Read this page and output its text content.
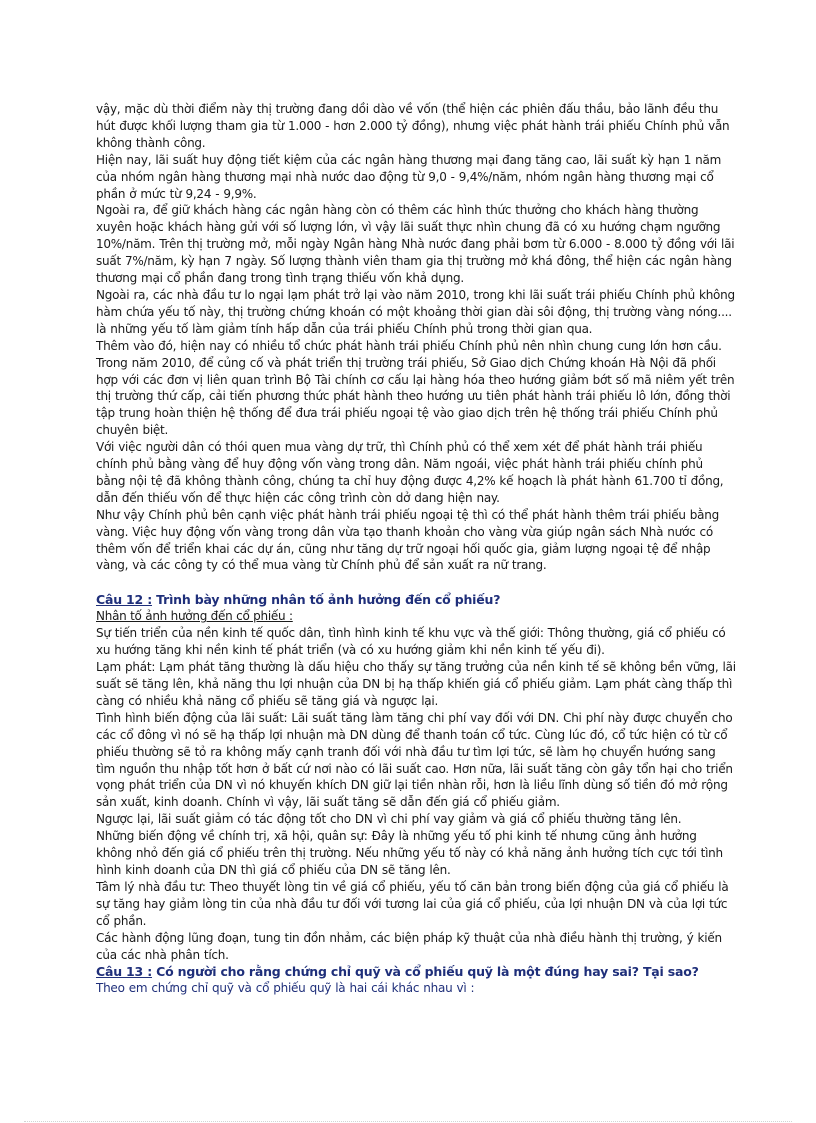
vậy, mặc dù thời điểm này thị trường đang dồi dào về vốn (thể hiện các phiên đấu thầu, bảo lãnh đều thu hút được khối lượng tham gia từ 1.000 - hơn 2.000 tỷ đồng), nhưng việc phát hành trái phiếu Chính phủ vẫn không thành công.

Hiện nay, lãi suất huy động tiết kiệm của các ngân hàng thương mại đang tăng cao, lãi suất kỳ hạn 1 năm của nhóm ngân hàng thương mại nhà nước dao động từ 9,0 - 9,4%/năm, nhóm ngân hàng thương mại cổ phần ở mức từ 9,24 - 9,9%.

Ngoài ra, để giữ khách hàng các ngân hàng còn có thêm các hình thức thưởng cho khách hàng thường xuyên hoặc khách hàng gửi với số lượng lớn, vì vậy lãi suất thực nhìn chung đã có xu hướng chạm ngưỡng 10%/năm. Trên thị trường mở, mỗi ngày Ngân hàng Nhà nước đang phải bơm từ 6.000 - 8.000 tỷ đồng với lãi suất 7%/năm, kỳ hạn 7 ngày. Số lượng thành viên tham gia thị trường mở khá đông, thể hiện các ngân hàng thương mại cổ phần đang trong tình trạng thiếu vốn khả dụng.

Ngoài ra, các nhà đầu tư lo ngại lạm phát trở lại vào năm 2010, trong khi lãi suất trái phiếu Chính phủ không hàm chứa yếu tố này, thị trường chứng khoán có một khoảng thời gian dài sôi động, thị trường vàng nóng.... là những yếu tố làm giảm tính hấp dẫn của trái phiếu Chính phủ trong thời gian qua.

Thêm vào đó, hiện nay có nhiều tổ chức phát hành trái phiếu Chính phủ nên nhìn chung cung lớn hơn cầu. Trong năm 2010, để củng cố và phát triển thị trường trái phiếu, Sở Giao dịch Chứng khoán Hà Nội đã phối hợp với các đơn vị liên quan trình Bộ Tài chính cơ cấu lại hàng hóa theo hướng giảm bớt số mã niêm yết trên thị trường thứ cấp, cải tiến phương thức phát hành theo hướng ưu tiên phát hành trái phiếu lô lớn, đồng thời tập trung hoàn thiện hệ thống để đưa trái phiếu ngoại tệ vào giao dịch trên hệ thống trái phiếu Chính phủ chuyên biệt.

Với việc người dân có thói quen mua vàng dự trữ, thì Chính phủ có thể xem xét để phát hành trái phiếu chính phủ bằng vàng để huy động vốn vàng trong dân. Năm ngoái, việc phát hành trái phiếu chính phủ bằng nội tệ đã không thành công, chúng ta chỉ huy động được 4,2% kế hoạch là phát hành 61.700 tỉ đồng, dẫn đến thiếu vốn để thực hiện các công trình còn dở dang hiện nay.

Như vậy Chính phủ bên cạnh việc phát hành trái phiếu ngoại tệ thì có thể phát hành thêm trái phiếu bằng vàng. Việc huy động vốn vàng trong dân vừa tạo thanh khoản cho vàng vừa giúp ngân sách Nhà nước có thêm vốn để triển khai các dự án, cũng như tăng dự trữ ngoại hối quốc gia, giảm lượng ngoại tệ để nhập vàng, và các công ty có thể mua vàng từ Chính phủ để sản xuất ra nữ trang.

Câu 12 : Trình bày những nhân tố ảnh hưởng đến cổ phiếu?

Nhân tố ảnh hưởng đến cổ phiếu :

Sự tiến triển của nền kinh tế quốc dân, tình hình kinh tế khu vực và thế giới: Thông thường, giá cổ phiếu có xu hướng tăng khi nền kinh tế phát triển (và có xu hướng giảm khi nền kinh tế yếu đi).

Lạm phát: Lạm phát tăng thường là dấu hiệu cho thấy sự tăng trưởng của nền kinh tế sẽ không bền vững, lãi suất sẽ tăng lên, khả năng thu lợi nhuận của DN bị hạ thấp khiến giá cổ phiếu giảm. Lạm phát càng thấp thì càng có nhiều khả năng cổ phiếu sẽ tăng giá và ngược lại.

Tình hình biến động của lãi suất: Lãi suất tăng làm tăng chi phí vay đối với DN. Chi phí này được chuyển cho các cổ đông vì nó sẽ hạ thấp lợi nhuận mà DN dùng để thanh toán cổ tức. Cùng lúc đó, cổ tức hiện có từ cổ phiếu thường sẽ tỏ ra không mấy cạnh tranh đối với nhà đầu tư tìm lợi tức, sẽ làm họ chuyển hướng sang tìm nguồn thu nhập tốt hơn ở bất cứ nơi nào có lãi suất cao. Hơn nữa, lãi suất tăng còn gây tổn hại cho triển vọng phát triển của DN vì nó khuyến khích DN giữ lại tiền nhàn rỗi, hơn là liều lĩnh dùng số tiền đó mở rộng sản xuất, kinh doanh. Chính vì vậy, lãi suất tăng sẽ dẫn đến giá cổ phiếu giảm.

Ngược lại, lãi suất giảm có tác động tốt cho DN vì chi phí vay giảm và giá cổ phiếu thường tăng lên.

Những biến động về chính trị, xã hội, quân sự: Đây là những yếu tố phi kinh tế nhưng cũng ảnh hưởng không nhỏ đến giá cổ phiếu trên thị trường. Nếu những yếu tố này có khả năng ảnh hưởng tích cực tới tình hình kinh doanh của DN thì giá cổ phiếu của DN sẽ tăng lên.

Tâm lý nhà đầu tư: Theo thuyết lòng tin về giá cổ phiếu, yếu tố căn bản trong biến động của giá cổ phiếu là sự tăng hay giảm lòng tin của nhà đầu tư đối với tương lai của giá cổ phiếu, của lợi nhuận DN và của lợi tức cổ phần.

Các hành động lũng đoạn, tung tin đồn nhảm, các biện pháp kỹ thuật của nhà điều hành thị trường, ý kiến của các nhà phân tích.

Câu 13 : Có người cho rằng chứng chỉ quỹ và cổ phiếu quỹ là một đúng hay sai? Tại sao?

Theo em chứng chỉ quỹ và cổ phiếu quỹ là hai cái khác nhau vì :
